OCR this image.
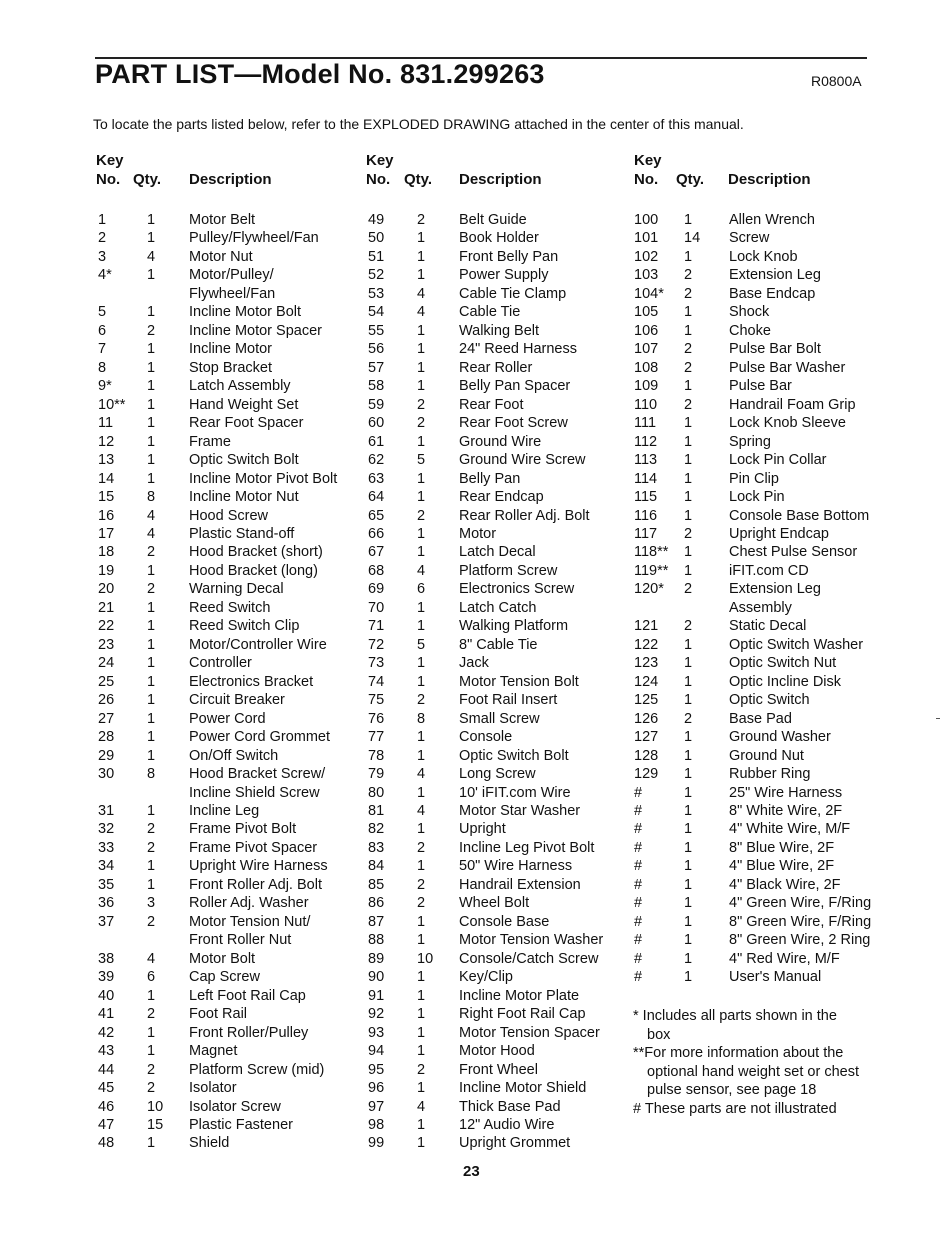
PART LIST—Model No. 831.299263	R0800A
To locate the parts listed below, refer to the EXPLODED DRAWING attached in the center of this manual.
Key
No. Qty. Description
1	1 Motor Belt
2	1 Pulley/Flywheel/Fan
3	4 Motor Nut
4* 1 Motor/Pulley/
Flywheel/Fan
5	1 Incline Motor Bolt
6	2 Incline Motor Spacer
7	1 Incline Motor
8	1 Stop Bracket
9* 1 Latch Assembly
10** 1 Hand Weight Set
11 1 Rear Foot Spacer
12 1 Frame
13 1 Optic Switch Bolt
14 1 Incline Motor Pivot Bolt
15 8 Incline Motor Nut
16 4 Hood Screw
17 4 Plastic Stand-off
18 2 Hood Bracket (short)
19 1 Hood Bracket (long)
20 2 Warning Decal
21 1 Reed Switch
22 1 Reed Switch Clip
23 1 Motor/Controller Wire
24 1 Controller
25 1 Electronics Bracket
26 1 Circuit Breaker
27 1 Power Cord
28 1 Power Cord Grommet
29 1 On/Off Switch
30 8 Hood Bracket Screw/
Incline Shield Screw
31 1 Incline Leg
32 2 Frame Pivot Bolt
33 2 Frame Pivot Spacer
34 1 Upright Wire Harness
35 1 Front Roller Adj. Bolt
36 3 Roller Adj. Washer
37 2 Motor Tension Nut/
Front Roller Nut
38 4 Motor Bolt
39 6 Cap Screw
40 1 Left Foot Rail Cap
41 2 Foot Rail
42 1 Front Roller/Pulley
43 1 Magnet
44 2 Platform Screw (mid)
45 2 Isolator
46 10 Isolator Screw
47 15 Plastic Fastener
48 1 Shield
Key
No. Qty. Description
49 2 Belt Guide
50 1 Book Holder
51 1 Front Belly Pan
52 1 Power Supply
53 4 Cable Tie Clamp
54 4 Cable Tie
55 1 Walking Belt
56 1 24" Reed Harness
57 1 Rear Roller
58 1 Belly Pan Spacer
59 2 Rear Foot
60 2 Rear Foot Screw
61 1 Ground Wire
62 5 Ground Wire Screw
63 1 Belly Pan
64 1 Rear Endcap
65 2 Rear Roller Adj. Bolt
66 1 Motor
67 1 Latch Decal
68 4 Platform Screw
69 6 Electronics Screw
70 1 Latch Catch
71 1 Walking Platform
72 5 8" Cable Tie
73 1 Jack
74 1 Motor Tension Bolt
75 2 Foot Rail Insert
76 8 Small Screw
77 1 Console
78 1 Optic Switch Bolt
79 4 Long Screw
80 1 10' iFIT.com Wire
81 4 Motor Star Washer
82 1 Upright
83 2 Incline Leg Pivot Bolt
84 1 50" Wire Harness
85 2 Handrail Extension
86 2 Wheel Bolt
87 1 Console Base
88 1 Motor Tension Washer
89 10 Console/Catch Screw
90 1 Key/Clip
91 1 Incline Motor Plate
92 1 Right Foot Rail Cap
93 1 Motor Tension Spacer
94 1 Motor Hood
95 2 Front Wheel
96 1 Incline Motor Shield
97 4 Thick Base Pad
98 1 12" Audio Wire
99 1 Upright Grommet
Key
No. Qty. Description
100 1	Allen Wrench
101 14 Screw
102 1	Lock Knob
103 2	Extension Leg
104* 2	Base Endcap
105 1	Shock
106 1	Choke
107 2	Pulse Bar Bolt
108 2	Pulse Bar Washer
109 1	Pulse Bar
110 2	Handrail Foam Grip
111 1	Lock Knob Sleeve
112 1	Spring
113 1	Lock Pin Collar
114 1	Pin Clip
115 1	Lock Pin
116 1	Console Base Bottom
117 2	Upright Endcap
118** 1	Chest Pulse Sensor
119** 1	iFIT.com CD
120* 2	Extension Leg
Assembly
121 2	Static Decal
122 1	Optic Switch Washer
123 1	Optic Switch Nut
124 1	Optic Incline Disk
125 1	Optic Switch
126 2	Base Pad
127 1	Ground Washer
128 1	Ground Nut
129 1	Rubber Ring
#	1	25" Wire Harness
#	1	8" White Wire, 2F
#	1	4" White Wire, M/F
#	1	8" Blue Wire, 2F
#	1	4" Blue Wire, 2F
#	1	4" Black Wire, 2F
#	1	4" Green Wire, F/Ring
#	1	8" Green Wire, F/Ring
#	1	8" Green Wire, 2 Ring
#	1	4" Red Wire, M/F
#	1	User's Manual
* Includes all parts shown in the
box
**For more information about the
optional hand weight set or chest
pulse sensor, see page 18
# These parts are not illustrated
23
